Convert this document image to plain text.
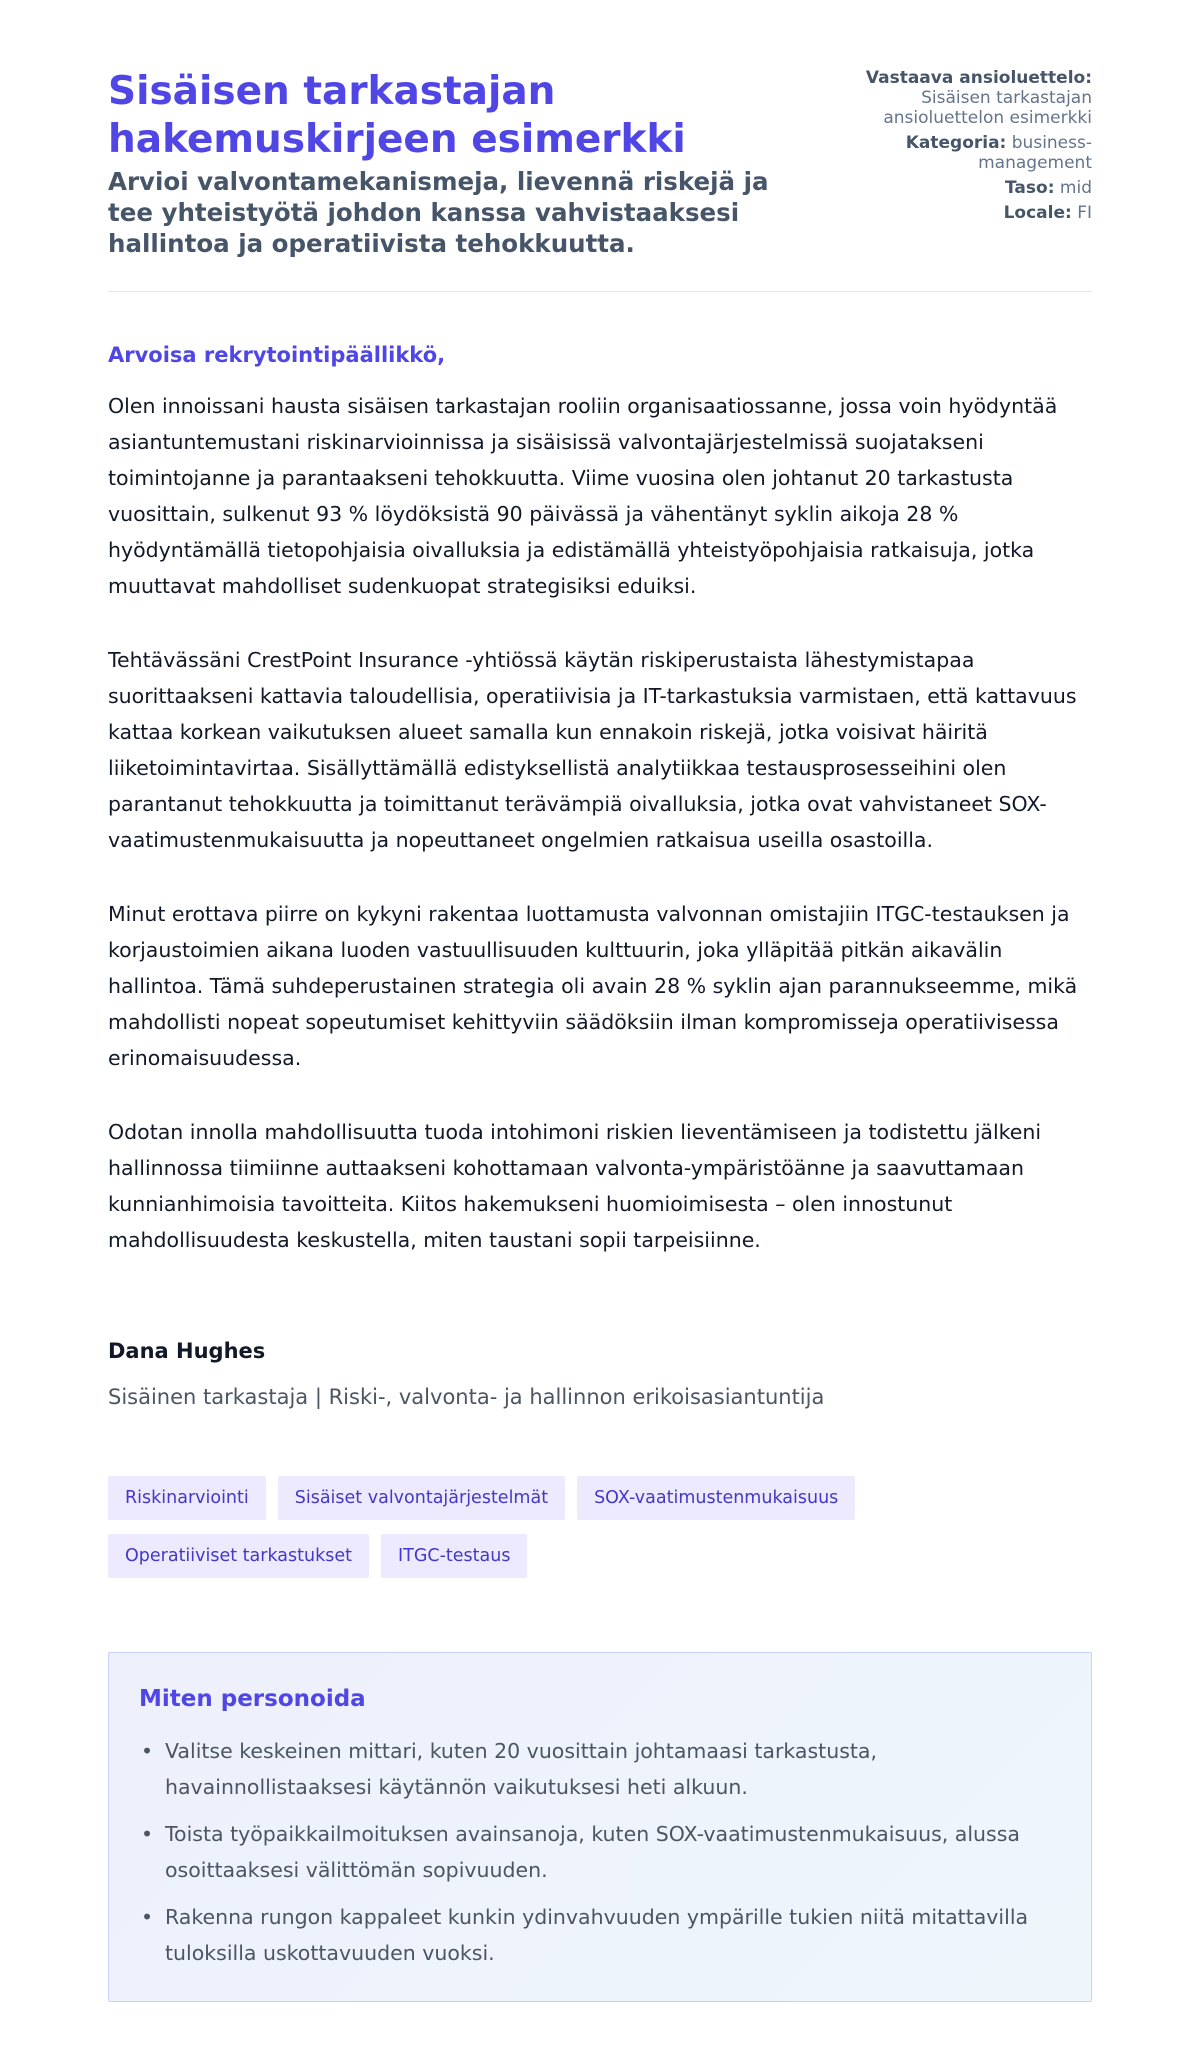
Sisäisen tarkastajan hakemuskirjeen esimerkki
Arvioi valvontamekanismeja, lievennä riskejä ja tee yhteistyötä johdon kanssa vahvistaaksesi hallintoa ja operatiivista tehokkuutta.
Vastaava ansioluettelo:
Sisäisen tarkastajan ansioluettelon esimerkki
Kategoria: business-management
Taso: mid
Locale: FI
Arvoisa rekrytointipäällikkö,

Olen innoissani hausta sisäisen tarkastajan rooliin organisaatiossanne, jossa voin hyödyntää asiantuntemustani riskinarvioinnissa ja sisäisissä valvontajärjestelmissä suojatakseni toimintojanne ja parantaakseni tehokkuutta. Viime vuosina olen johtanut 20 tarkastusta vuosittain, sulkenut 93 % löydöksistä 90 päivässä ja vähentänyt syklin aikoja 28 % hyödyntämällä tietopohjaisia oivalluksia ja edistämällä yhteistyöpohjaisia ratkaisuja, jotka muuttavat mahdolliset sudenkuopat strategisiksi eduiksi.

Tehtävässäni CrestPoint Insurance -yhtiössä käytän riskiperustaista lähestymistapaa suorittaakseni kattavia taloudellisia, operatiivisia ja IT-tarkastuksia varmistaen, että kattavuus kattaa korkean vaikutuksen alueet samalla kun ennakoin riskejä, jotka voisivat häiritä liiketoimintavirtaa. Sisällyttämällä edistyksellistä analytiikkaa testausprosesseihini olen parantanut tehokkuutta ja toimittanut terävämpiä oivalluksia, jotka ovat vahvistaneet SOX-vaatimustenmukaisuutta ja nopeuttaneet ongelmien ratkaisua useilla osastoilla.

Minut erottava piirre on kykyni rakentaa luottamusta valvonnan omistajiin ITGC-testauksen ja korjaustoimien aikana luoden vastuullisuuden kulttuurin, joka ylläpitää pitkän aikavälin hallintoa. Tämä suhdeperustainen strategia oli avain 28 % syklin ajan parannukseemme, mikä mahdollisti nopeat sopeutumiset kehittyviin säädöksiin ilman kompromisseja operatiivisessa erinomaisuudessa.

Odotan innolla mahdollisuutta tuoda intohimoni riskien lieventämiseen ja todistettu jälkeni hallinnossa tiimiinne auttaakseni kohottamaan valvonta-ympäristöänne ja saavuttamaan kunnianhimoisia tavoitteita. Kiitos hakemukseni huomioimisesta – olen innostunut mahdollisuudesta keskustella, miten taustani sopii tarpeisiinne.

Dana Hughes
Sisäinen tarkastaja | Riski-, valvonta- ja hallinnon erikoisasiantuntija
Riskinarviointi	Sisäiset valvontajärjestelmät	SOX-vaatimustenmukaisuus
Operatiiviset tarkastukset	ITGC-testaus
Miten personoida
• Valitse keskeinen mittari, kuten 20 vuosittain johtamaasi tarkastusta, havainnollistaaksesi käytännön vaikutuksesi heti alkuun.
• Toista työpaikkailmoituksen avainsanoja, kuten SOX-vaatimustenmukaisuus, alussa osoittaaksesi välittömän sopivuuden.
• Rakenna rungon kappaleet kunkin ydinvahvuuden ympärille tukien niitä mitattavilla tuloksilla uskottavuuden vuoksi.
